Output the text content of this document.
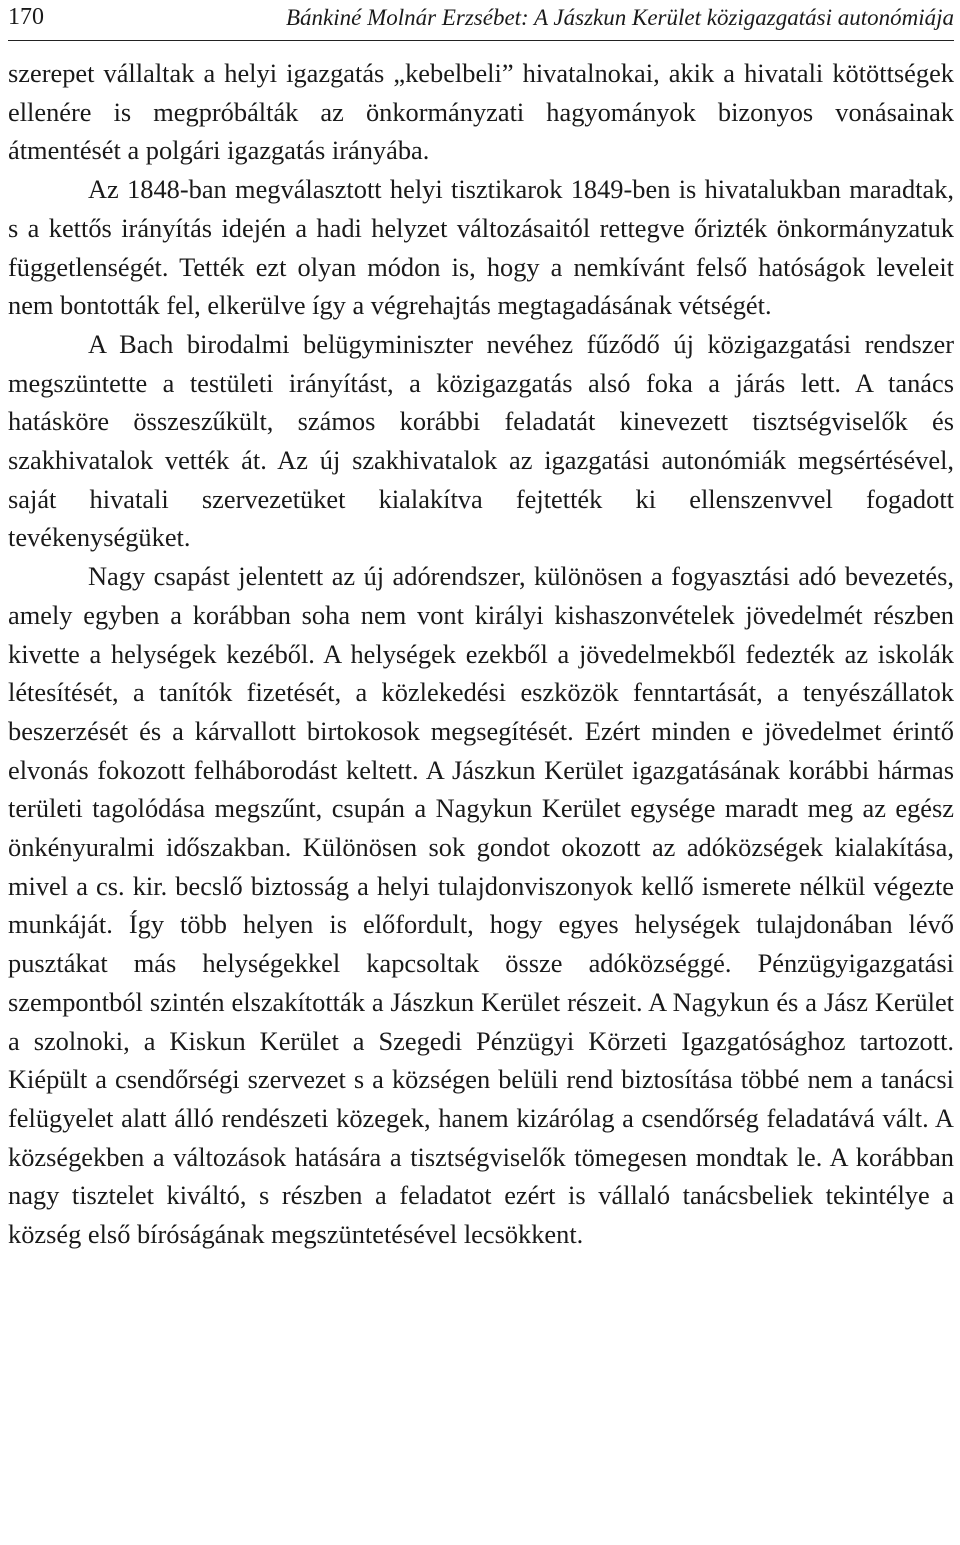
170	Bánkiné Molnár Erzsébet: A Jászkun Kerület közigazgatási autonómiája

szerepet vállaltak a helyi igazgatás „kebelbeli” hivatalnokai, akik a hivatali kötöttségek ellenére is megpróbálták az önkormányzati hagyományok bizonyos vonásainak átmentését a polgári igazgatás irányába.

Az 1848-ban megválasztott helyi tisztikarok 1849-ben is hivatalukban maradtak, s a kettős irányítás idején a hadi helyzet változásaitól rettegve őrizték önkormányzatuk függetlenségét. Tették ezt olyan módon is, hogy a nemkívánt felső hatóságok leveleit nem bontották fel, elkerülve így a végrehajtás megtagadásának vétségét.

A Bach birodalmi belügyminiszter nevéhez fűződő új közigazgatási rendszer megszüntette a testületi irányítást, a közigazgatás alsó foka a járás lett. A tanács hatásköre összeszűkült, számos korábbi feladatát kinevezett tisztségviselők és szakhivatalok vették át. Az új szakhivatalok az igazgatási autonómiák megsértésével, saját hivatali szervezetüket kialakítva fejtették ki ellenszenvvel fogadott tevékenységüket.

Nagy csapást jelentett az új adórendszer, különösen a fogyasztási adó bevezetés, amely egyben a korábban soha nem vont királyi kishaszonvételek jövedelmét részben kivette a helységek kezéből. A helységek ezekből a jövedelmekből fedezték az iskolák létesítését, a tanítók fizetését, a közlekedési eszközök fenntartását, a tenyészállatok beszerzését és a kárvallott birtokosok megsegítését. Ezért minden e jövedelmet érintő elvonás fokozott felháborodást keltett. A Jászkun Kerület igazgatásának korábbi hármas területi tagolódása megszűnt, csupán a Nagykun Kerület egysége maradt meg az egész önkényuralmi időszakban. Különösen sok gondot okozott az adóközségek kialakítása, mivel a cs. kir. becslő biztosság a helyi tulajdonviszonyok kellő ismerete nélkül végezte munkáját. Így több helyen is előfordult, hogy egyes helységek tulajdonában lévő pusztákat más helységekkel kapcsoltak össze adóközséggé. Pénzügyigazgatási szempontból szintén elszakították a Jászkun Kerület részeit. A Nagykun és a Jász Kerület a szolnoki, a Kiskun Kerület a Szegedi Pénzügyi Körzeti Igazgatósághoz tartozott. Kiépült a csendőrségi szervezet s a községen belüli rend biztosítása többé nem a tanácsi felügyelet alatt álló rendészeti közegek, hanem kizárólag a csendőrség feladatává vált. A községekben a változások hatására a tisztségviselők tömegesen mondtak le. A korábban nagy tisztelet kiváltó, s részben a feladatot ezért is vállaló tanácsbeliek tekintélye a község első bíróságának megszüntetésével lecsökkent.
